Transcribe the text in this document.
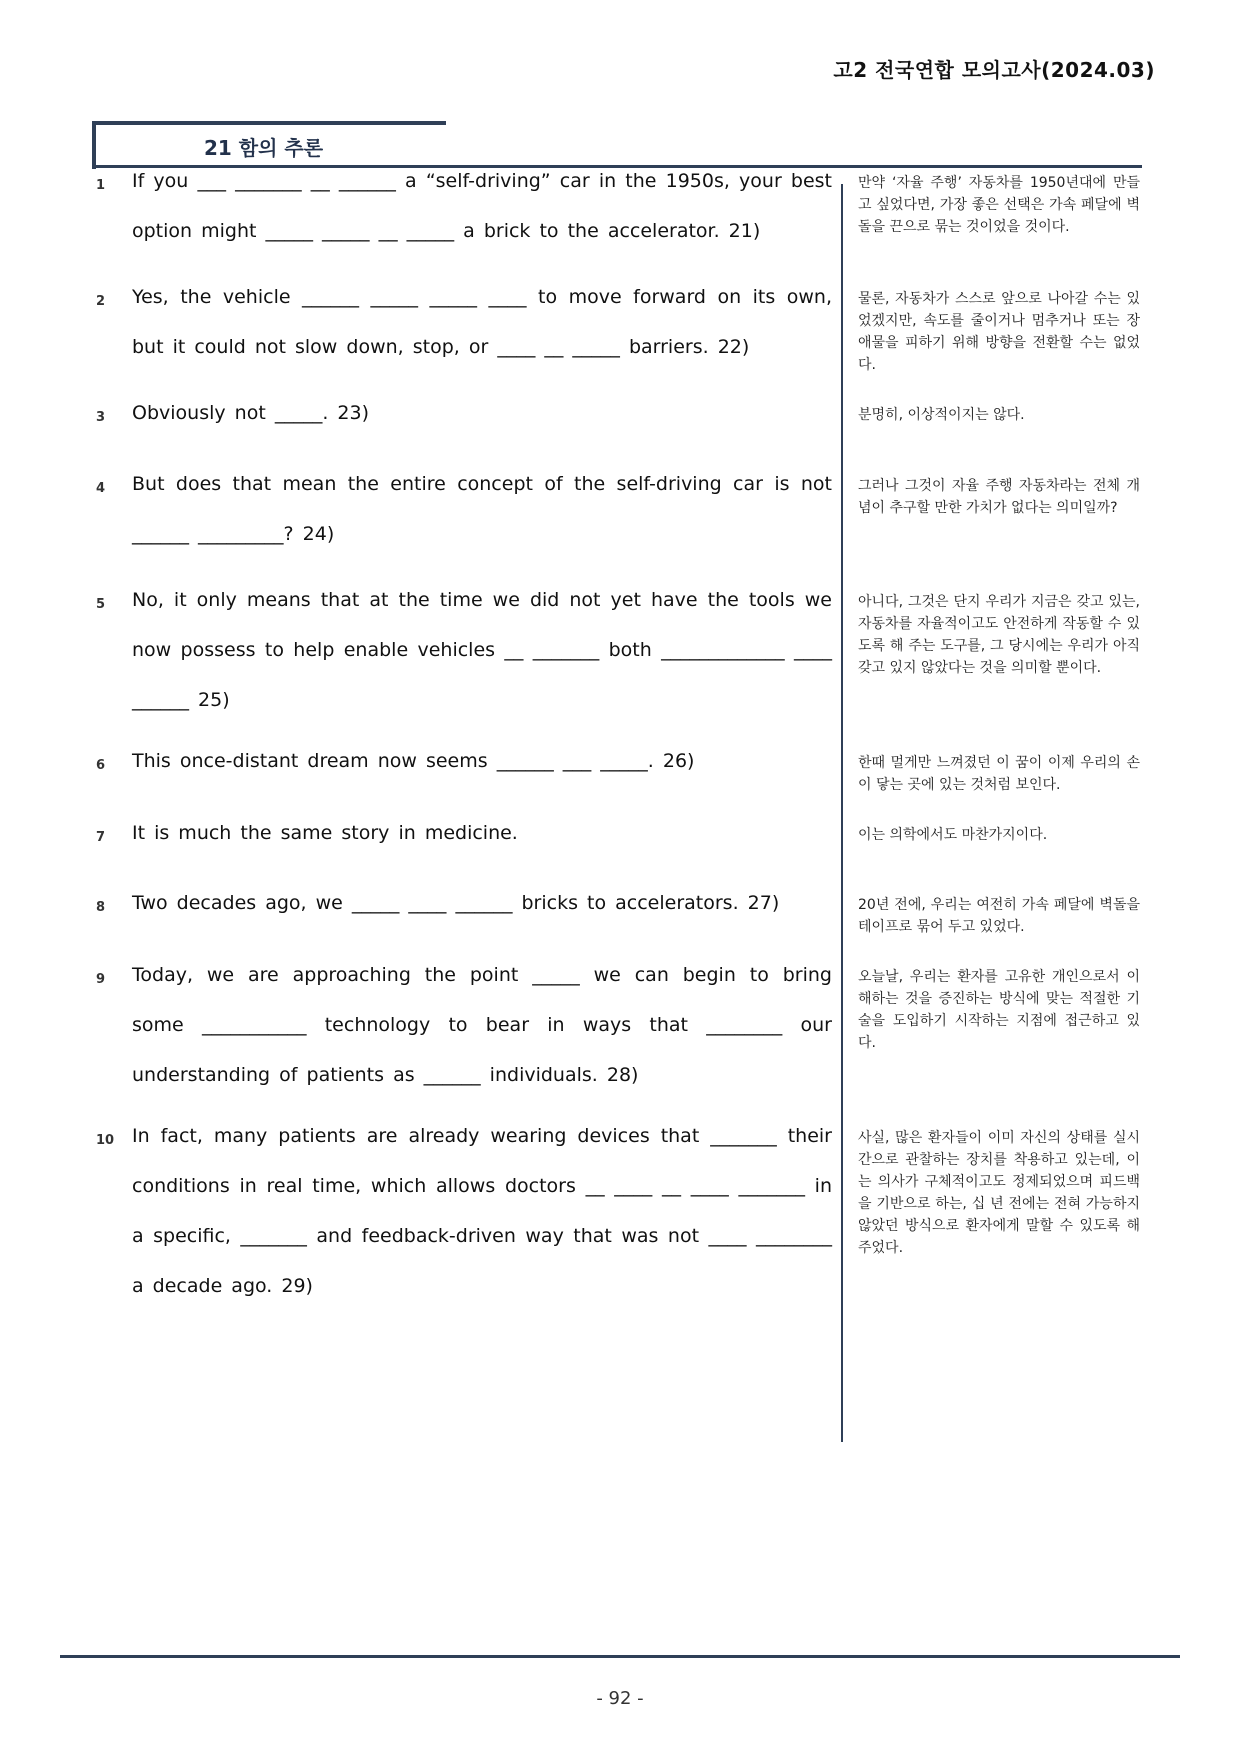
고2 전국연합 모의고사(2024.03)
21 함의 추론
1 If you ___ _______ __ ______ a “self-driving” car in the 1950s, your best option might _____ _____ __ _____ a brick to the accelerator. 21)
만약 ‘자율 주행’ 자동차를 1950년대에 만들고 싶었다면, 가장 좋은 선택은 가속 페달에 벽돌을 끈으로 묶는 것이었을 것이다.
2 Yes, the vehicle ______ _____ _____ ____ to move forward on its own, but it could not slow down, stop, or ____ __ _____ barriers. 22)
물론, 자동차가 스스로 앞으로 나아갈 수는 있었겠지만, 속도를 줄이거나 멈추거나 또는 장애물을 피하기 위해 방향을 전환할 수는 없었다.
3 Obviously not _____. 23)	분명히, 이상적이지는 않다.
4 But does that mean the entire concept of the self-driving car is not ______ _________? 24)
그러나 그것이 자율 주행 자동차라는 전체 개념이 추구할 만한 가치가 없다는 의미일까?
5 No, it only means that at the time we did not yet have the tools we now possess to help enable vehicles __ _______ both _____________ ____ ______ 25)
아니다, 그것은 단지 우리가 지금은 갖고 있는, 자동차를 자율적이고도 안전하게 작동할 수 있도록 해 주는 도구를, 그 당시에는 우리가 아직 갖고 있지 않았다는 것을 의미할 뿐이다.
6 This once-distant dream now seems ______ ___ _____. 26)	한때 멀게만 느껴졌던 이 꿈이 이제 우리의 손이 닿는 곳에 있는 것처럼 보인다.
7 It is much the same story in medicine.	이는 의학에서도 마찬가지이다.
8 Two decades ago, we _____ ____ ______ bricks to accelerators. 27)	20년 전에, 우리는 여전히 가속 페달에 벽돌을 테이프로 묶어 두고 있었다.
9 Today, we are approaching the point _____ we can begin to bring some ___________ technology to bear in ways that ________ our understanding of patients as ______ individuals. 28)
오늘날, 우리는 환자를 고유한 개인으로서 이해하는 것을 증진하는 방식에 맞는 적절한 기술을 도입하기 시작하는 지점에 접근하고 있다.
10 In fact, many patients are already wearing devices that _______ their conditions in real time, which allows doctors __ ____ __ ____ _______ in a specific, _______ and feedback-driven way that was not ____ ________ a decade ago. 29)
사실, 많은 환자들이 이미 자신의 상태를 실시간으로 관찰하는 장치를 착용하고 있는데, 이는 의사가 구체적이고도 정제되었으며 피드백을 기반으로 하는, 십 년 전에는 전혀 가능하지 않았던 방식으로 환자에게 말할 수 있도록 해 주었다.
- 92 -
